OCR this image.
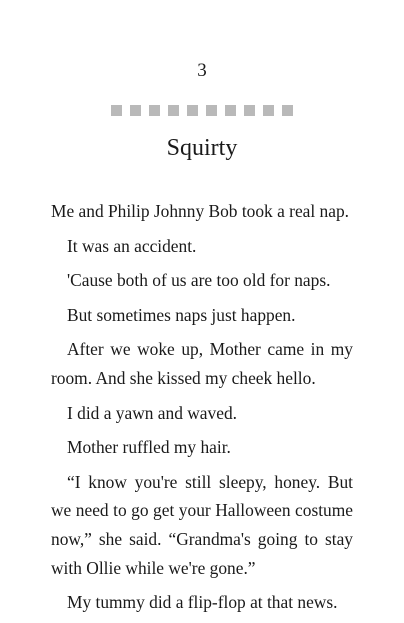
3
Squirty

Me and Philip Johnny Bob took a real nap.

It was an accident.

'Cause both of us are too old for naps.

But sometimes naps just happen.

After we woke up, Mother came in my room. And she kissed my cheek hello.

I did a yawn and waved.

Mother ruffled my hair.

“I know you're still sleepy, honey. But we need to go get your Halloween costume now,” she said. “Grandma's going to stay with Ollie while we're gone.”

My tummy did a flip-flop at that news.
